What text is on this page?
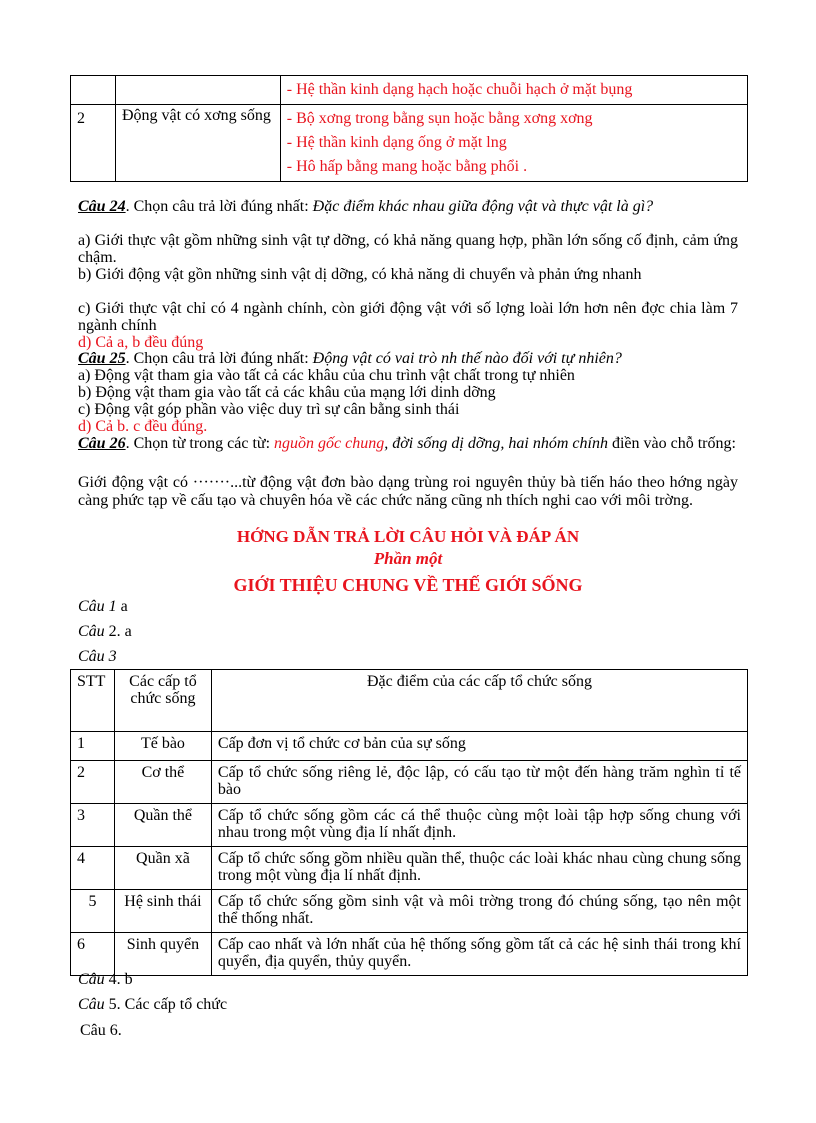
		- Hệ thần kinh dạng hạch hoặc chuỗi hạch ở mặt bụng

2	Động vật có xơng sống	- Bộ xơng trong bằng sụn hoặc bằng xơng xơng
- Hệ thần kinh dạng ống ở mặt lng
- Hô hấp bằng mang hoặc bằng phổi .
Câu 24. Chọn câu trả lời đúng nhất: Đặc điểm khác nhau giữa động vật và thực vật là gì?
a) Giới thực vật gồm những sinh vật tự dỡng, có khả năng quang hợp, phần lớn sống cố định, cảm ứng chậm.
b) Giới động vật gồn những sinh vật dị dỡng, có khả năng di chuyển và phản ứng nhanh
c) Giới thực vật chỉ có 4 ngành chính, còn giới động vật với số lợng loài lớn hơn nên đợc chia làm 7 ngành chính
d) Cả a, b đều đúng
Câu 25. Chọn câu trả lời đúng nhất: Động vật có vai trò nh thế nào đối với tự nhiên?
a) Động vật tham gia vào tất cả các khâu của chu trình vật chất trong tự nhiên
b) Động vật tham gia vào tất cả các khâu của mạng lới dinh dỡng
c) Động vật góp phần vào việc duy trì sự cân bằng sinh thái
d) Cả b. c đều đúng.
Câu 26. Chọn từ trong các từ: nguồn gốc chung, đời sống dị dỡng, hai nhóm chính điền vào chỗ trống:
Giới động vật có ·······...từ động vật đơn bào dạng trùng roi nguyên thủy bà tiến háo theo hớng ngày càng phức tạp về cấu tạo và chuyên hóa về các chức năng cũng nh thích nghi cao với môi trờng.
HỚNG DẪN TRẢ LỜI CÂU HỎI VÀ ĐÁP ÁN
Phần một
GIỚI THIỆU CHUNG VỀ THẾ GIỚI SỐNG
Câu 1 a
Câu 2. a
Câu 3
STT	Các cấp tổ chức sống	Đặc điểm của các cấp tổ chức sống
1	Tế bào	Cấp đơn vị tổ chức cơ bản của sự sống
2	Cơ thể	Cấp tổ chức sống riêng lẻ, độc lập, có cấu tạo từ một đến hàng trăm nghìn tỉ tế bào
3	Quần thể	Cấp tổ chức sống gồm các cá thể thuộc cùng một loài tập hợp sống chung với nhau trong một vùng địa lí nhất định.
4	Quần xã	Cấp tổ chức sống gồm nhiều quần thể, thuộc các loài khác nhau cùng chung sống trong một vùng địa lí nhất định.
5	Hệ sinh thái	Cấp tổ chức sống gồm sinh vật và môi trờng trong đó chúng sống, tạo nên một thể thống nhất.
6	Sinh quyển	Cấp cao nhất và lớn nhất của hệ thống sống gồm tất cả các hệ sinh thái trong khí quyển, địa quyển, thủy quyển.
Câu 4. b
Câu 5. Các cấp tổ chức
Câu 6.
